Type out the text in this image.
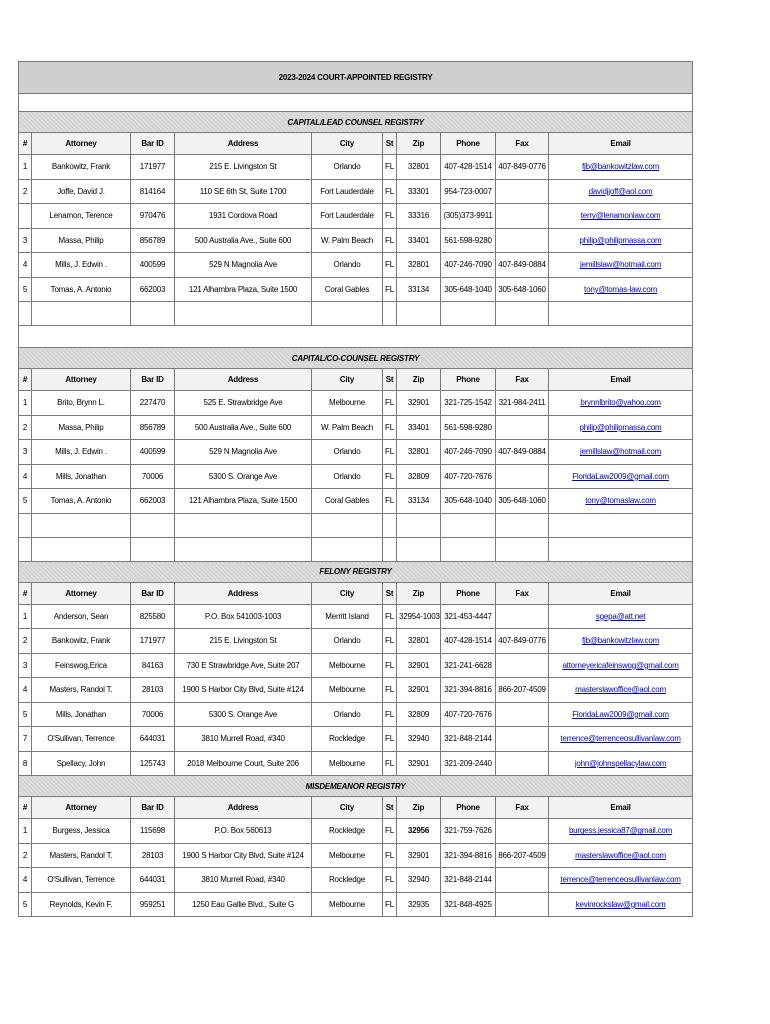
2023-2024 COURT-APPOINTED REGISTRY									

CAPITAL/LEAD COUNSEL REGISTRY									
#	Attorney	Bar ID	Address	City	St	Zip	Phone	Fax	Email
1	Bankowitz, Frank	171977	215 E. Livingston St	Orlando	FL	32801	407-428-1514	407-849-0776	fjb@bankowitzlaw.com
2	Joffe, David J.	814164	110 SE 6th St, Suite 1700	Fort Lauderdale	FL	33301	954-723-0007		davidjjoff@aol.com
	Lenamon, Terence	970476	1931 Cordova Road	Fort Lauderdale	FL	33316	(305)373-9911		terry@lenamonlaw.com
3	Massa, Philip	856789	500 Australia Ave., Suite 600	W. Palm Beach	FL	33401	561-598-9280		philip@philipmassa.com
4	Mills, J. Edwin .	400599	529 N Magnolia Ave	Orlando	FL	32801	407-246-7090	407-849-0884	jemillslaw@hotmail.com
5	Tomas, A. Antonio	662003	121 Alhambra Plaza, Suite 1500	Coral Gables	FL	33134	305-648-1040	305-648-1060	tony@tomas-law.com

CAPITAL/CO-COUNSEL REGISTRY									
#	Attorney	Bar ID	Address	City	St	Zip	Phone	Fax	Email
1	Brito, Brynn L.	227470	525 E. Strawbridge Ave	Melbourne	FL	32901	321-725-1542	321-984-2411	brynnlbrito@yahoo.com
2	Massa, Philip	856789	500 Australia Ave., Suite 600	W. Palm Beach	FL	33401	561-598-9280		philip@philipmassa.com
3	Mills, J. Edwin .	400599	529 N Magnolia Ave	Orlando	FL	32801	407-246-7090	407-849-0884	jemillslaw@hotmail.com
4	Mills, Jonathan	70006	5300 S. Orange Ave	Orlando	FL	32809	407-720-7676		FloridaLaw2009@gmail.com
5	Tomas, A. Antonio	662003	121 Alhambra Plaza, Suite 1500	Coral Gables	FL	33134	305-648-1040	305-648-1060	tony@tomaslaw.com

FELONY REGISTRY									
#	Attorney	Bar ID	Address	City	St	Zip	Phone	Fax	Email
1	Anderson, Sean	825580	P.O. Box 541003-1003	Merritt Island	FL	32954-1003	321-453-4447		sgepa@att.net
2	Bankowitz, Frank	171977	215 E. Livingston St	Orlando	FL	32801	407-428-1514	407-849-0776	fjb@bankowitzlaw.com
3	Feinswog,Erica	84163	730 E Strawbridge Ave, Suite 207	Melbourne	FL	32901	321-241-6628		attorneyericafeinswog@gmail.com
4	Masters, Randol T.	28103	1900 S Harbor City Blvd, Suite #124	Melbourne	FL	32901	321-394-8816	866-207-4509	masterslawoffice@aol.com
5	Mills, Jonathan	70006	5300 S. Orange Ave	Orlando	FL	32809	407-720-7676		FloridaLaw2009@gmail.com
7	O'Sullivan, Terrence	644031	3810 Murrell Road, #340	Rockledge	FL	32940	321-848-2144		terrence@terrenceosullivanlaw.com
8	Spellacy, John	125743	2018 Melbourne Court, Suite 206	Melbourne	FL	32901	321-209-2440		john@johnspellacylaw.com
MISDEMEANOR REGISTRY									
#	Attorney	Bar ID	Address	City	St	Zip	Phone	Fax	Email
1	Burgess, Jessica	115698	P.O. Box 560613	Rockledge	FL	32956	321-759-7626		burgess.jessica87@gmail.com
2	Masters, Randol T.	28103	1900 S Harbor City Blvd, Suite #124	Melbourne	FL	32901	321-394-8816	866-207-4509	masterslawoffice@aol.com
4	O'Sullivan, Terrence	644031	3810 Murrell Road, #340	Rockledge	FL	32940	321-848-2144		terrence@terrenceosullivanlaw.com
5	Reynolds, Kevin F.	959251	1250 Eau Gallie Blvd., Suite G	Melbourne	FL	32935	321-848-4925		kevinrockslaw@gmail.com
